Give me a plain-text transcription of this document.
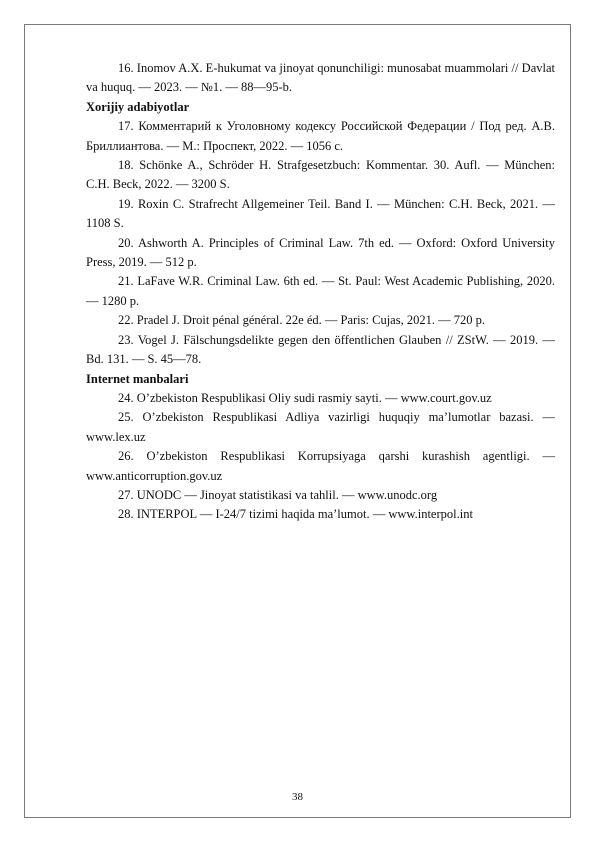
16. Inomov A.X. E-hukumat va jinoyat qonunchiligi: munosabat muammolari // Davlat va huquq. — 2023. — №1. — 88—95-b.

Xorijiy adabiyotlar

17. Комментарий к Уголовному кодексу Российской Федерации / Под ред. А.В. Бриллиантова. — М.: Проспект, 2022. — 1056 с.

18. Schönke A., Schröder H. Strafgesetzbuch: Kommentar. 30. Aufl. — München: C.H. Beck, 2022. — 3200 S.

19. Roxin C. Strafrecht Allgemeiner Teil. Band I. — München: C.H. Beck, 2021. — 1108 S.

20. Ashworth A. Principles of Criminal Law. 7th ed. — Oxford: Oxford University Press, 2019. — 512 p.

21. LaFave W.R. Criminal Law. 6th ed. — St. Paul: West Academic Publishing, 2020. — 1280 p.

22. Pradel J. Droit pénal général. 22e éd. — Paris: Cujas, 2021. — 720 p.

23. Vogel J. Fälschungsdelikte gegen den öffentlichen Glauben // ZStW. — 2019. — Bd. 131. — S. 45—78.

Internet manbalari

24. O’zbekiston Respublikasi Oliy sudi rasmiy sayti. — www.court.gov.uz

25. O’zbekiston Respublikasi Adliya vazirligi huquqiy ma’lumotlar bazasi. — www.lex.uz

26. O’zbekiston Respublikasi Korrupsiyaga qarshi kurashish agentligi. — www.anticorruption.gov.uz

27. UNODC — Jinoyat statistikasi va tahlil. — www.unodc.org

28. INTERPOL — I-24/7 tizimi haqida ma’lumot. — www.interpol.int

38
